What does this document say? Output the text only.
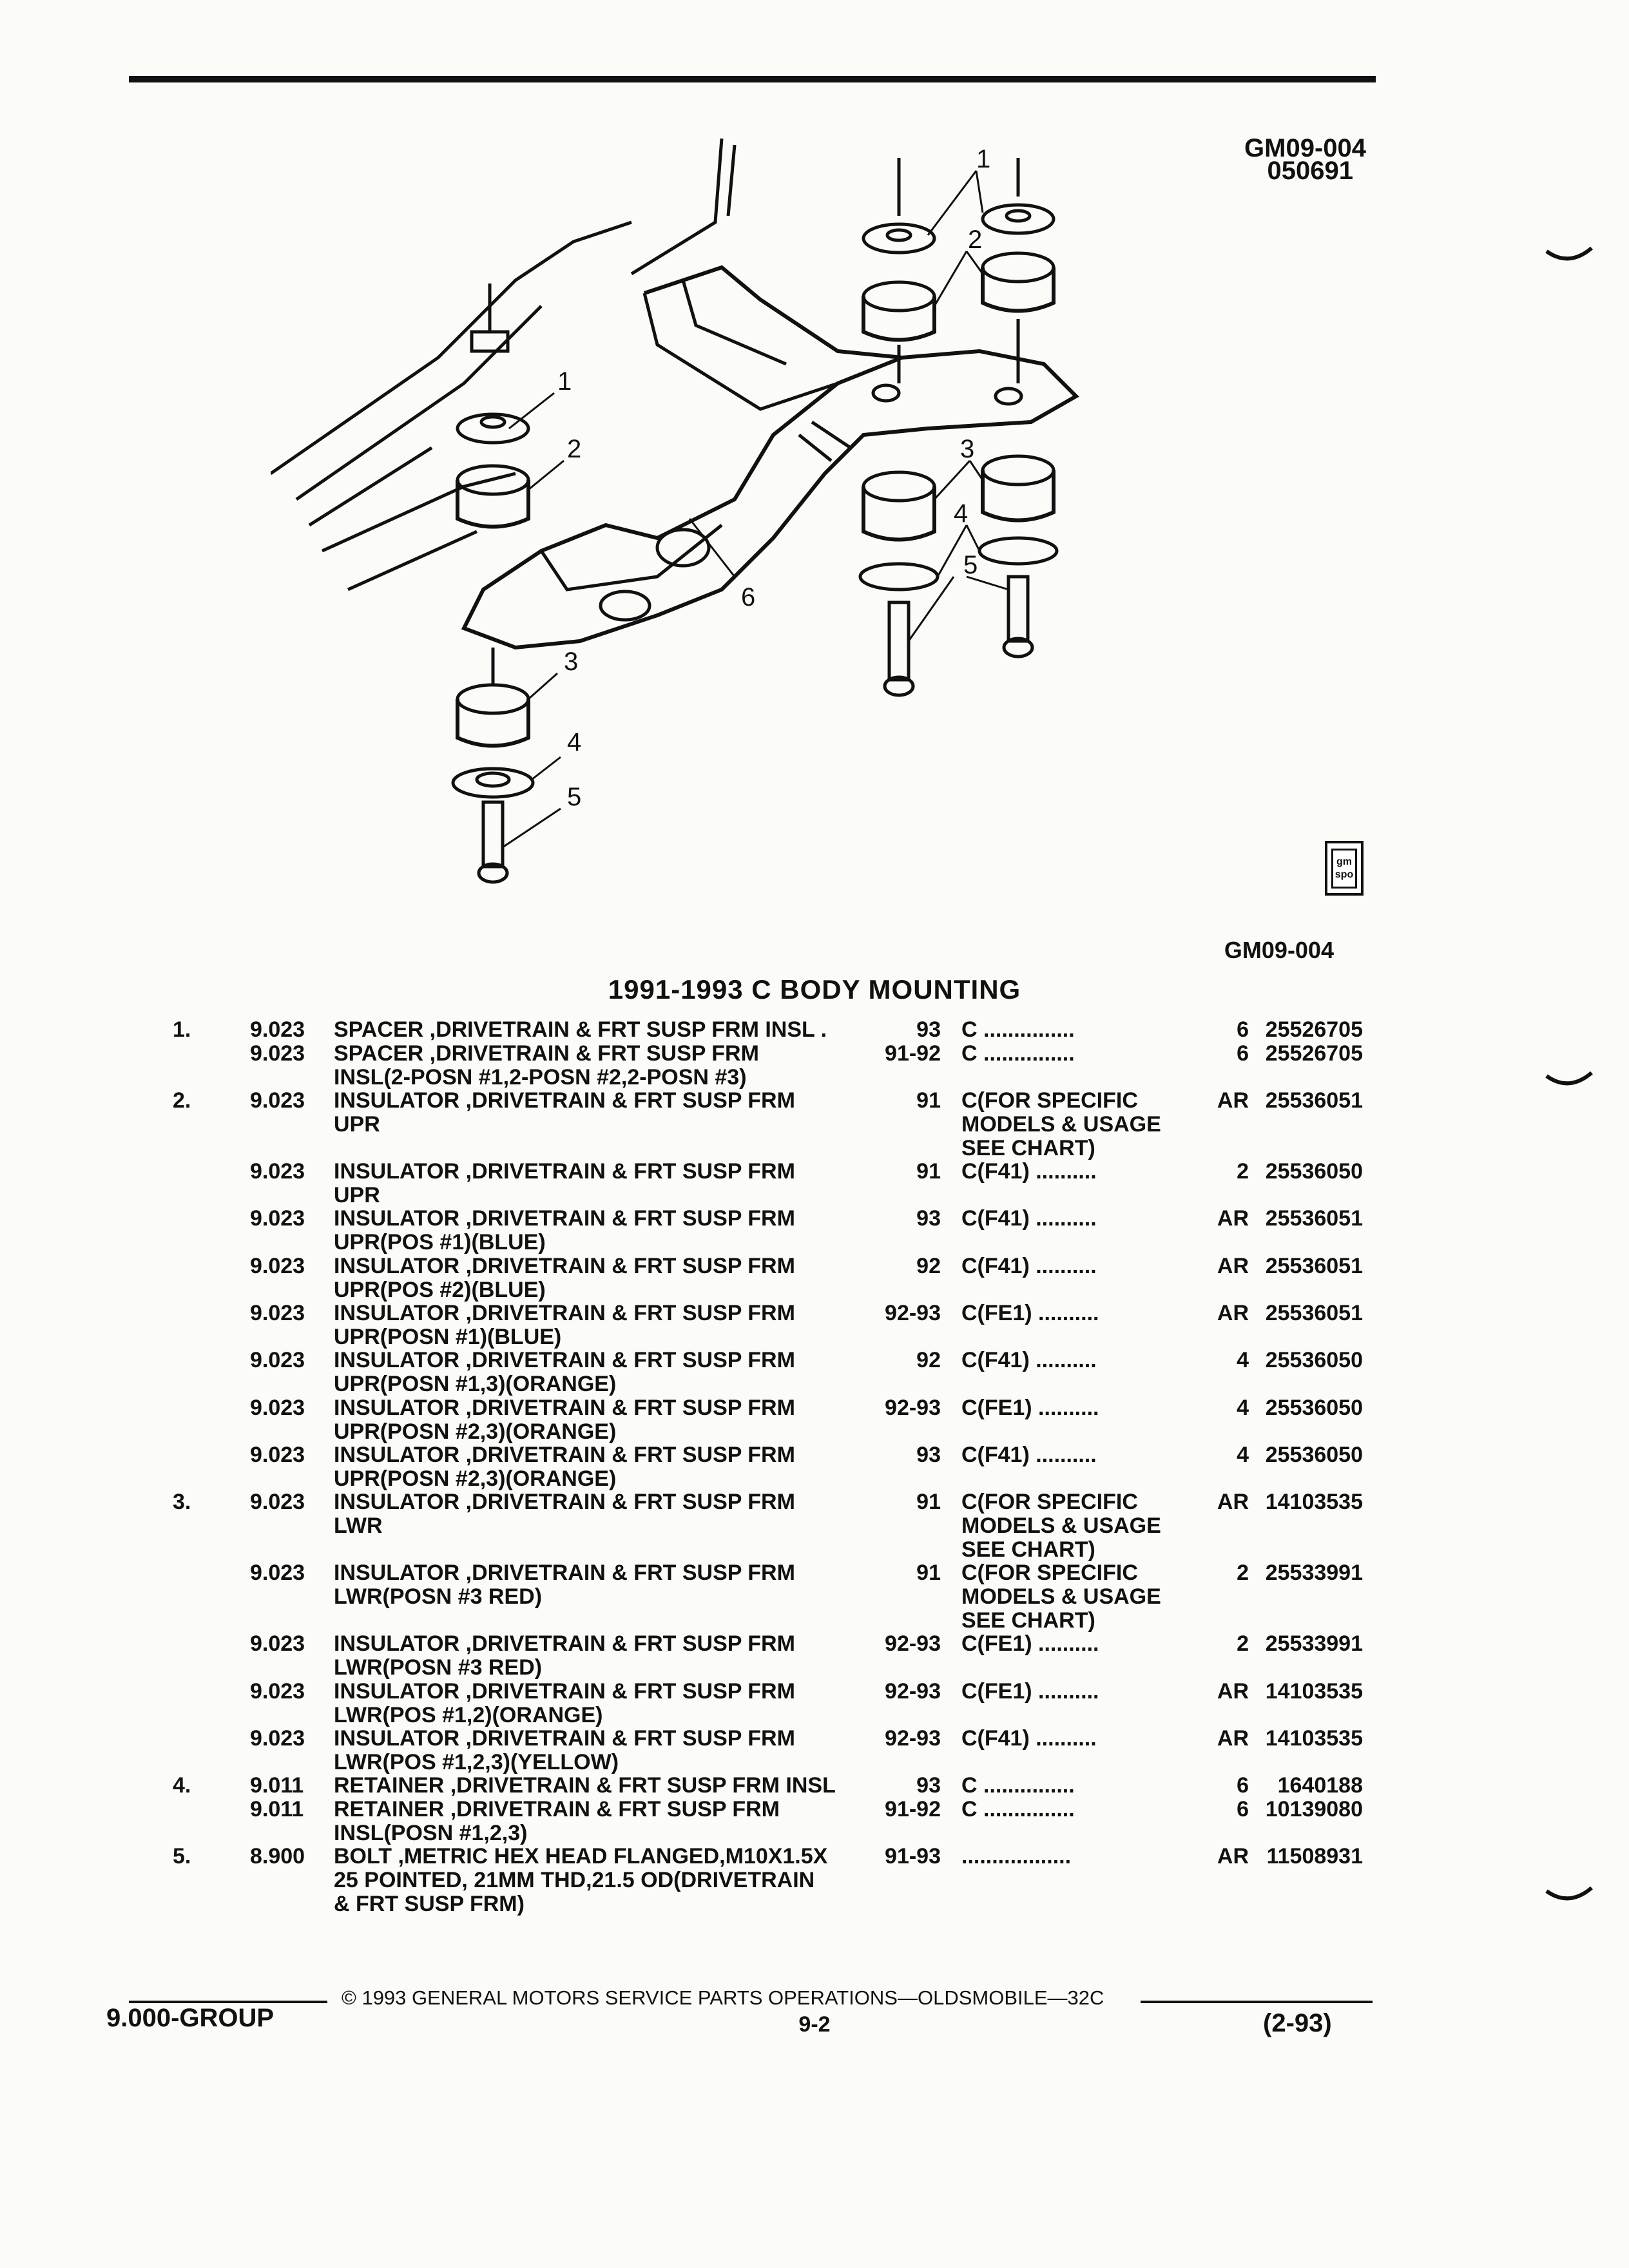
GM09-004
050691
1
2
1
2
3
4
5
6
3
4
5
gm spo
GM09-004
1991-1993 C BODY MOUNTING
1.	9.023 SPACER ,DRIVETRAIN & FRT SUSP FRM INSL .	93 C ...............	6 25526705
9.023 SPACER ,DRIVETRAIN & FRT SUSP FRM
INSL(2-POSN #1,2-POSN #2,2-POSN #3)
91-92 C ...............	6 25526705
2.	9.023 INSULATOR ,DRIVETRAIN & FRT SUSP FRM
UPR
91 C(FOR SPECIFIC
MODELS & USAGE
SEE CHART)
AR 25536051
9.023 INSULATOR ,DRIVETRAIN & FRT SUSP FRM
UPR
91 C(F41) ..........	2 25536050
9.023 INSULATOR ,DRIVETRAIN & FRT SUSP FRM
UPR(POS #1)(BLUE)
93 C(F41) ..........	AR 25536051
9.023 INSULATOR ,DRIVETRAIN & FRT SUSP FRM
UPR(POS #2)(BLUE)
92 C(F41) ..........	AR 25536051
9.023 INSULATOR ,DRIVETRAIN & FRT SUSP FRM
UPR(POSN #1)(BLUE)
92-93 C(FE1) ..........	AR 25536051
9.023 INSULATOR ,DRIVETRAIN & FRT SUSP FRM
UPR(POSN #1,3)(ORANGE)
92 C(F41) ..........	4 25536050
9.023 INSULATOR ,DRIVETRAIN & FRT SUSP FRM
UPR(POSN #2,3)(ORANGE)
92-93 C(FE1) ..........	4 25536050
9.023 INSULATOR ,DRIVETRAIN & FRT SUSP FRM
UPR(POSN #2,3)(ORANGE)
93 C(F41) ..........	4 25536050
3.	9.023 INSULATOR ,DRIVETRAIN & FRT SUSP FRM
LWR
91 C(FOR SPECIFIC
MODELS & USAGE
SEE CHART)
AR 14103535
9.023 INSULATOR ,DRIVETRAIN & FRT SUSP FRM
LWR(POSN #3 RED)
91 C(FOR SPECIFIC
MODELS & USAGE
SEE CHART)
2 25533991
9.023 INSULATOR ,DRIVETRAIN & FRT SUSP FRM
LWR(POSN #3 RED)
92-93 C(FE1) ..........	2 25533991
9.023 INSULATOR ,DRIVETRAIN & FRT SUSP FRM
LWR(POS #1,2)(ORANGE)
92-93 C(FE1) ..........	AR 14103535
9.023 INSULATOR ,DRIVETRAIN & FRT SUSP FRM
LWR(POS #1,2,3)(YELLOW)
92-93 C(F41) ..........	AR 14103535
4.	9.011 RETAINER ,DRIVETRAIN & FRT SUSP FRM INSL	93 C ...............	6	1640188
9.011 RETAINER ,DRIVETRAIN & FRT SUSP FRM
INSL(POSN #1,2,3)
91-92 C ...............	6 10139080
5.	8.900 BOLT ,METRIC HEX HEAD FLANGED,M10X1.5X
25 POINTED, 21MM THD,21.5 OD(DRIVETRAIN
& FRT SUSP FRM)
91-93 ..................	AR 11508931
© 1993 GENERAL MOTORS SERVICE PARTS OPERATIONS—OLDSMOBILE—32C
9.000-GROUP	9-2	(2-93)
